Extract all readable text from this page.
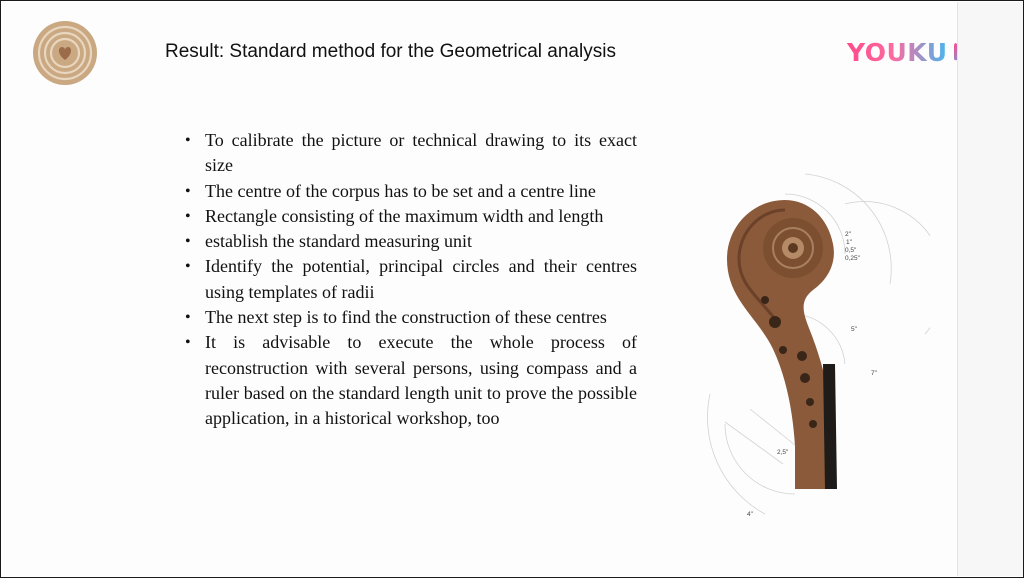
Result: Standard method for the Geometrical analysis
• To calibrate the picture or technical drawing to its exact size
• The centre of the corpus has to be set and a centre line
• Rectangle consisting of the maximum width and length
• establish the standard measuring unit
• Identify the potential, principal circles and their centres using templates of radii
• The next step is to find the construction of these centres
• It is advisable to execute the whole process of reconstruction with several persons, using compass and a ruler based on the standard length unit to prove the possible application, in a historical workshop, too
2"
1"
0,5"
0,25"
5"
7"
2,5"
4"
YOUKU
